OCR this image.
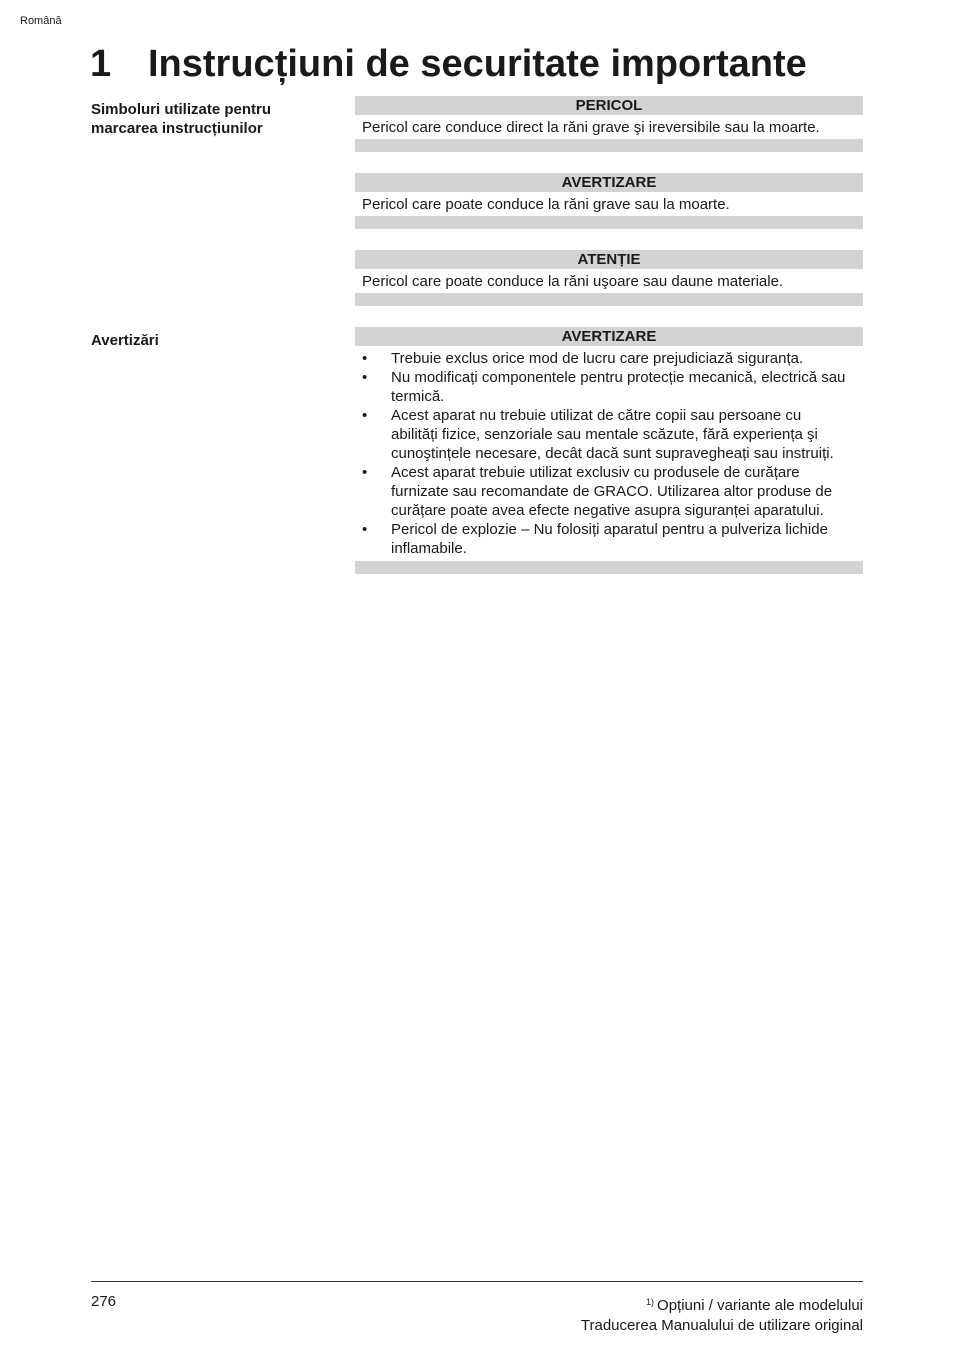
Română
1 Instrucțiuni de securitate importante
Simboluri utilizate pentru marcarea instrucțiunilor
PERICOL
Pericol care conduce direct la răni grave şi ireversibile sau la moarte.
AVERTIZARE
Pericol care poate conduce la răni grave sau la moarte.
ATENȚIE
Pericol care poate conduce la răni uşoare sau daune materiale.
Avertizări	AVERTIZARE
• Trebuie exclus orice mod de lucru care prejudiciază siguranța.
• Nu modificați componentele pentru protecție mecanică, electrică sau termică.
• Acest aparat nu trebuie utilizat de către copii sau persoane cu abilități fizice, senzoriale sau mentale scăzute, fără experiența şi cunoştințele necesare, decât dacă sunt supravegheați sau instruiți.
• Acest aparat trebuie utilizat exclusiv cu produsele de curățare furnizate sau recomandate de GRACO. Utilizarea altor produse de curățare poate avea efecte negative asupra siguranței aparatului.
• Pericol de explozie – Nu folosiți aparatul pentru a pulveriza lichide inflamabile.
276	$^{1)}$ Opțiuni / variante ale modelului
Traducerea Manualului de utilizare original
